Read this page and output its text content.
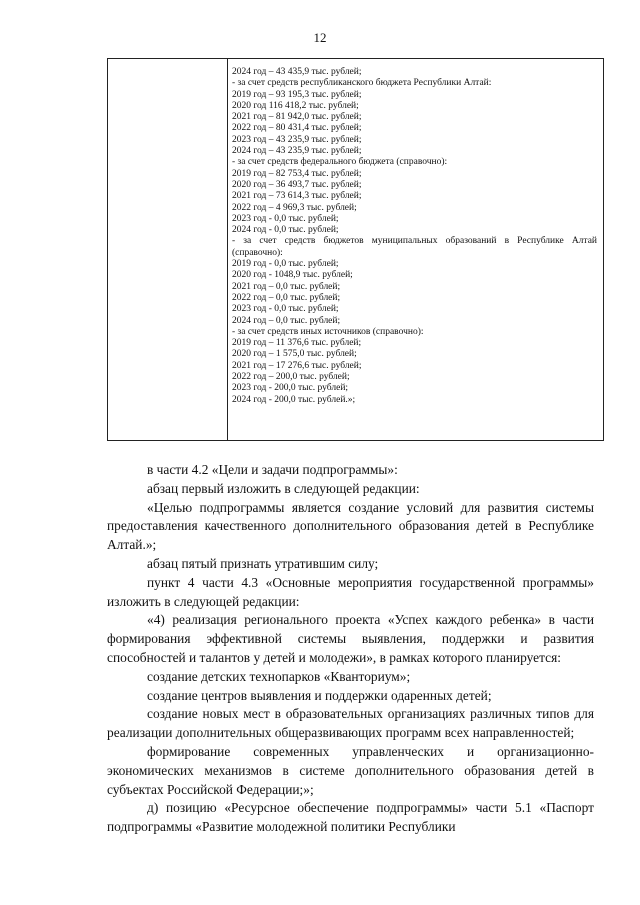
12
2024 год – 43 435,9 тыс. рублей;
- за счет средств республиканского бюджета Республики Алтай:
2019 год – 93 195,3 тыс. рублей;
2020 год 116 418,2 тыс. рублей;
2021 год – 81 942,0 тыс. рублей;
2022 год – 80 431,4 тыс. рублей;
2023 год – 43 235,9 тыс. рублей;
2024 год – 43 235,9 тыс. рублей;
- за счет средств федерального бюджета (справочно):
2019 год – 82 753,4 тыс. рублей;
2020 год – 36 493,7 тыс. рублей;
2021 год – 73 614,3 тыс. рублей;
2022 год – 4 969,3 тыс. рублей;
2023 год - 0,0 тыс. рублей;
2024 год - 0,0 тыс. рублей;
- за счет средств бюджетов муниципальных образований в Республике Алтай (справочно):
2019 год - 0,0 тыс. рублей;
2020 год - 1048,9 тыс. рублей;
2021 год – 0,0 тыс. рублей;
2022 год – 0,0 тыс. рублей;
2023 год - 0,0 тыс. рублей;
2024 год – 0,0 тыс. рублей;
- за счет средств иных источников (справочно):
2019 год – 11 376,6 тыс. рублей;
2020 год – 1 575,0 тыс. рублей;
2021 год – 17 276,6 тыс. рублей;
2022 год – 200,0 тыс. рублей;
2023 год - 200,0 тыс. рублей;
2024 год - 200,0 тыс. рублей.»;

в части 4.2 «Цели и задачи подпрограммы»:

абзац первый изложить в следующей редакции:

«Целью подпрограммы является создание условий для развития системы предоставления качественного дополнительного образования детей в Республике Алтай.»;

абзац пятый признать утратившим силу;

пункт 4 части 4.3 «Основные мероприятия государственной программы» изложить в следующей редакции:

«4) реализация регионального проекта «Успех каждого ребенка» в части формирования эффективной системы выявления, поддержки и развития способностей и талантов у детей и молодежи», в рамках которого планируется:

создание детских технопарков «Кванториум»;

создание центров выявления и поддержки одаренных детей;

создание новых мест в образовательных организациях различных типов для реализации дополнительных общеразвивающих программ всех направленностей;

формирование современных управленческих и организационно-экономических механизмов в системе дополнительного образования детей в субъектах Российской Федерации;»;

д) позицию «Ресурсное обеспечение подпрограммы» части 5.1 «Паспорт подпрограммы «Развитие молодежной политики Республики
